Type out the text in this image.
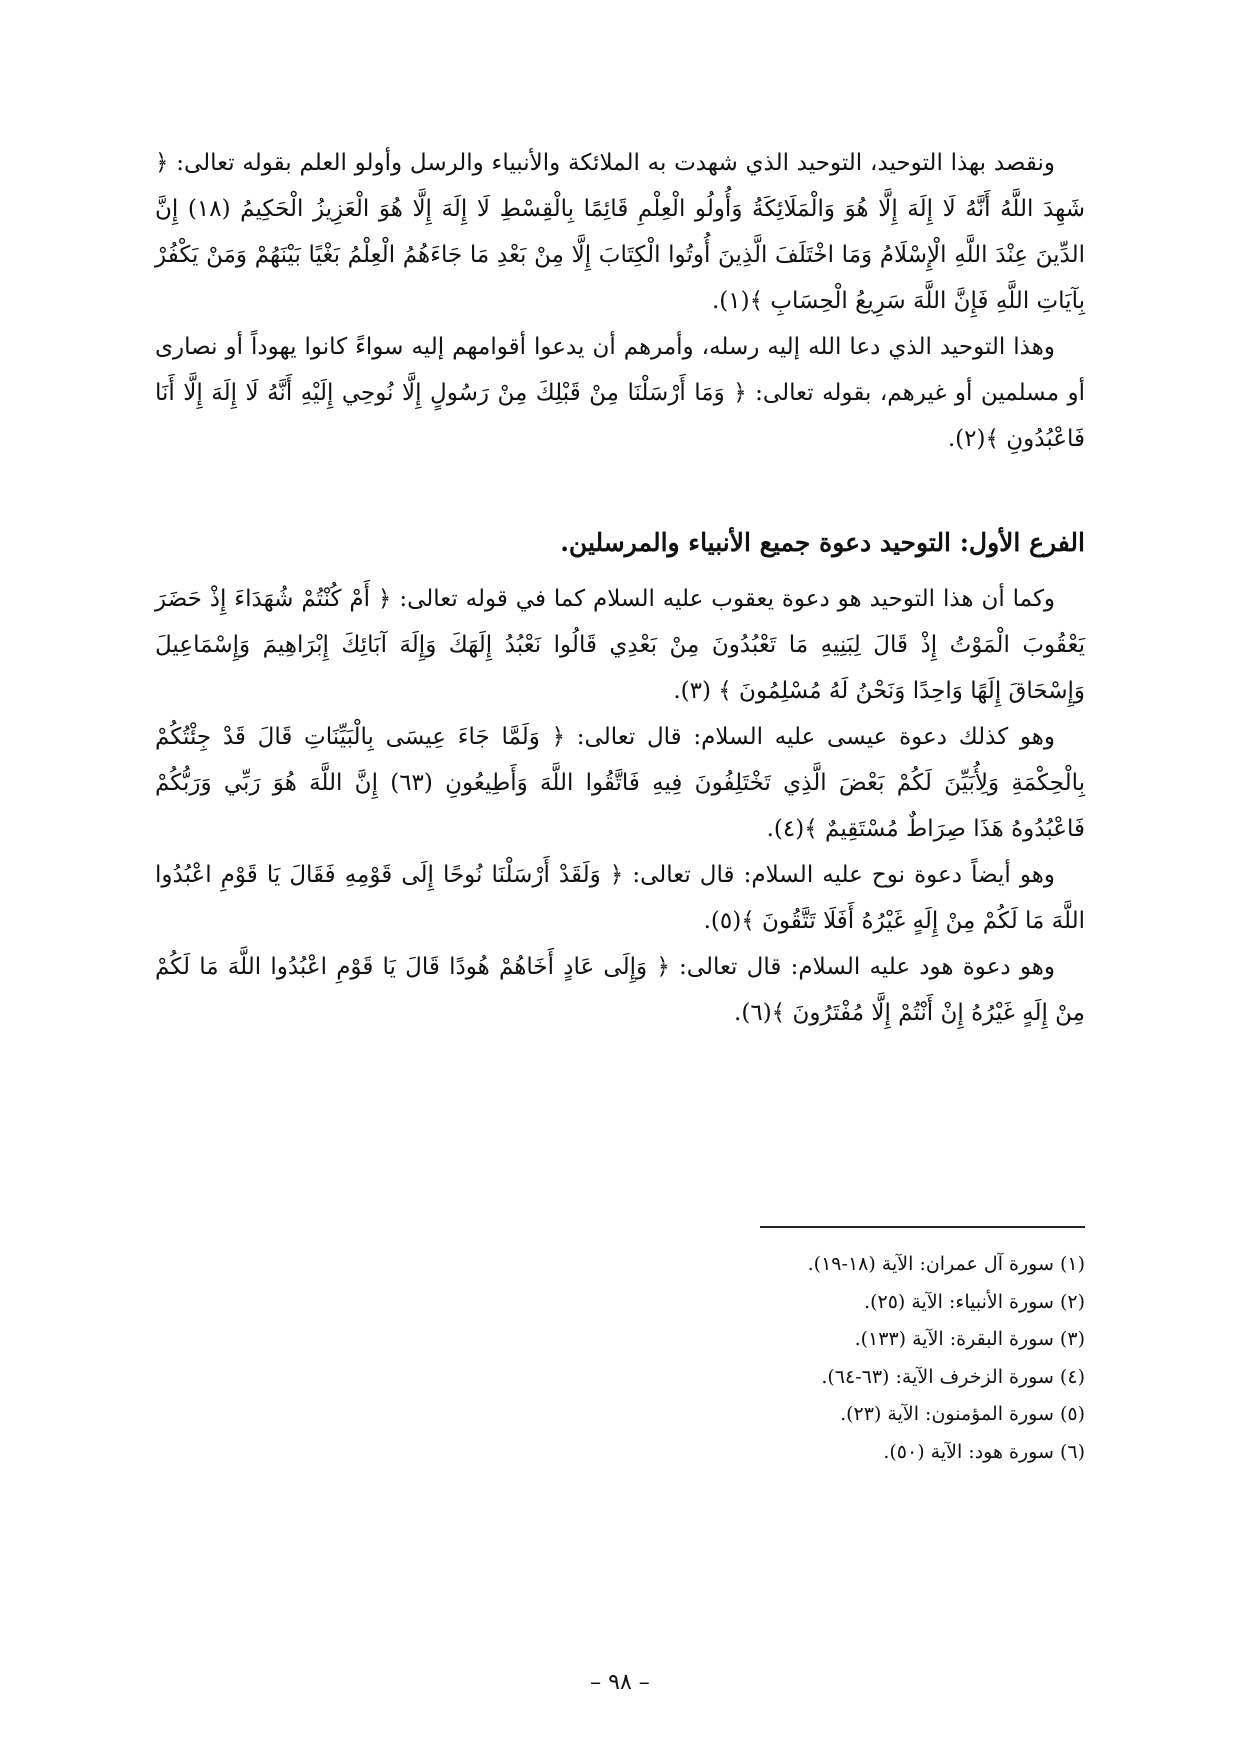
ونقصد بهذا التوحيد، التوحيد الذي شهدت به الملائكة والأنبياء والرسل وأولو العلم بقوله تعالى: ﴿ شَهِدَ اللَّهُ أَنَّهُ لَا إِلَهَ إِلَّا هُوَ وَالْمَلَائِكَةُ وَأُولُو الْعِلْمِ قَائِمًا بِالْقِسْطِ لَا إِلَهَ إِلَّا هُوَ الْعَزِيزُ الْحَكِيمُ (١٨) إِنَّ الدِّينَ عِنْدَ اللَّهِ الْإِسْلَامُ وَمَا اخْتَلَفَ الَّذِينَ أُوتُوا الْكِتَابَ إِلَّا مِنْ بَعْدِ مَا جَاءَهُمُ الْعِلْمُ بَغْيًا بَيْنَهُمْ وَمَنْ يَكْفُرْ بِآيَاتِ اللَّهِ فَإِنَّ اللَّهَ سَرِيعُ الْحِسَابِ ﴾(١).

وهذا التوحيد الذي دعا الله إليه رسله، وأمرهم أن يدعوا أقوامهم إليه سواءً كانوا يهوداً أو نصارى أو مسلمين أو غيرهم، بقوله تعالى: ﴿ وَمَا أَرْسَلْنَا مِنْ قَبْلِكَ مِنْ رَسُولٍ إِلَّا نُوحِي إِلَيْهِ أَنَّهُ لَا إِلَهَ إِلَّا أَنَا فَاعْبُدُونِ ﴾(٢).

الفرع الأول: التوحيد دعوة جميع الأنبياء والمرسلين.

وكما أن هذا التوحيد هو دعوة يعقوب عليه السلام كما في قوله تعالى: ﴿ أَمْ كُنْتُمْ شُهَدَاءَ إِذْ حَضَرَ يَعْقُوبَ الْمَوْتُ إِذْ قَالَ لِبَنِيهِ مَا تَعْبُدُونَ مِنْ بَعْدِي قَالُوا نَعْبُدُ إِلَهَكَ وَإِلَهَ آبَائِكَ إِبْرَاهِيمَ وَإِسْمَاعِيلَ وَإِسْحَاقَ إِلَهًا وَاحِدًا وَنَحْنُ لَهُ مُسْلِمُونَ ﴾ (٣).

وهو كذلك دعوة عيسى عليه السلام: قال تعالى: ﴿ وَلَمَّا جَاءَ عِيسَى بِالْبَيِّنَاتِ قَالَ قَدْ جِئْتُكُمْ بِالْحِكْمَةِ وَلِأُبَيِّنَ لَكُمْ بَعْضَ الَّذِي تَخْتَلِفُونَ فِيهِ فَاتَّقُوا اللَّهَ وَأَطِيعُونِ (٦٣) إِنَّ اللَّهَ هُوَ رَبِّي وَرَبُّكُمْ فَاعْبُدُوهُ هَذَا صِرَاطٌ مُسْتَقِيمٌ ﴾(٤).

وهو أيضاً دعوة نوح عليه السلام: قال تعالى: ﴿ وَلَقَدْ أَرْسَلْنَا نُوحًا إِلَى قَوْمِهِ فَقَالَ يَا قَوْمِ اعْبُدُوا اللَّهَ مَا لَكُمْ مِنْ إِلَهٍ غَيْرُهُ أَفَلَا تَتَّقُونَ ﴾(٥).

وهو دعوة هود عليه السلام: قال تعالى: ﴿ وَإِلَى عَادٍ أَخَاهُمْ هُودًا قَالَ يَا قَوْمِ اعْبُدُوا اللَّهَ مَا لَكُمْ مِنْ إِلَهٍ غَيْرُهُ إِنْ أَنْتُمْ إِلَّا مُفْتَرُونَ ﴾(٦).

(١) سورة آل عمران: الآية (١٨-١٩).

(٢) سورة الأنبياء: الآية (٢٥).

(٣) سورة البقرة: الآية (١٣٣).

(٤) سورة الزخرف الآية: (٦٣-٦٤).

(٥) سورة المؤمنون: الآية (٢٣).

(٦) سورة هود: الآية (٥٠).

– ٩٨ –
